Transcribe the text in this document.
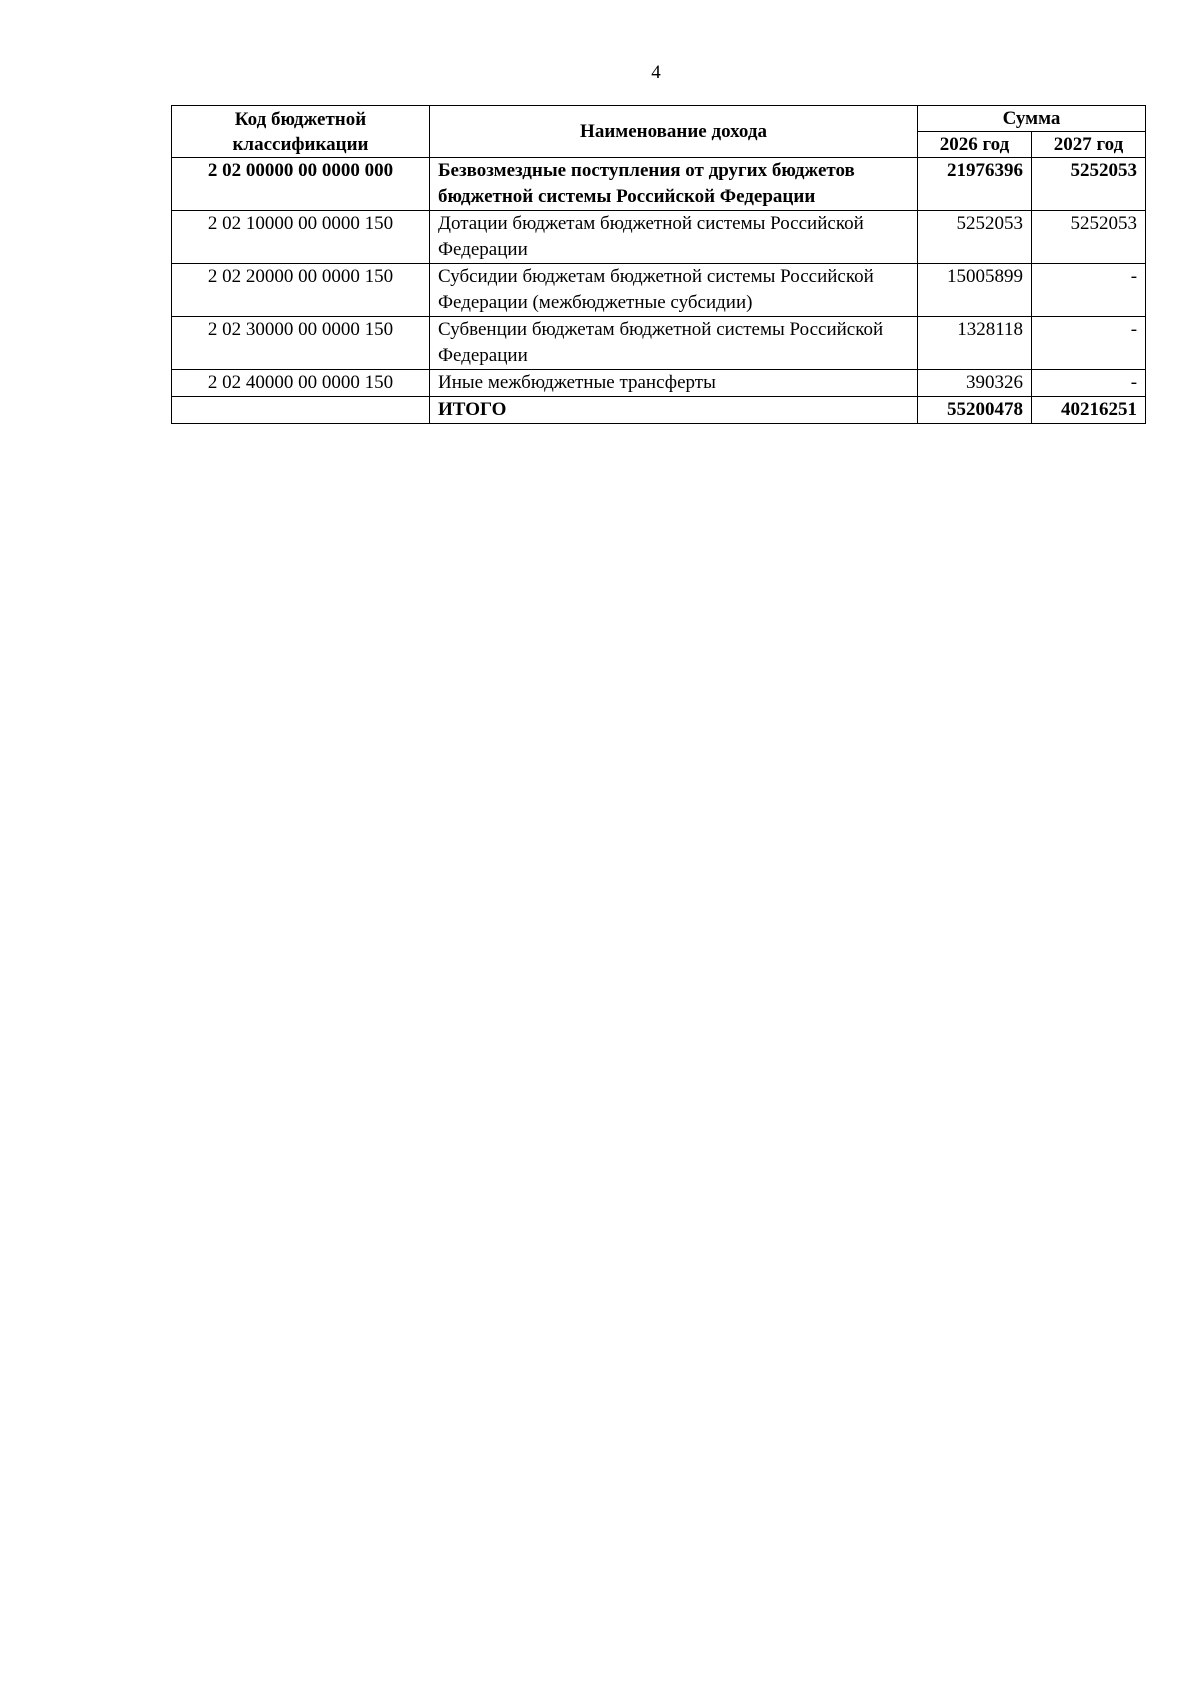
4
Код бюджетной классификации	Наименование дохода	Сумма	
		2026 год	2027 год
2 02 00000 00 0000 000	Безвозмездные поступления от других бюджетов бюджетной системы Российской Федерации	21976396	5252053
2 02 10000 00 0000 150	Дотации бюджетам бюджетной системы Российской Федерации	5252053	5252053
2 02 20000 00 0000 150	Субсидии бюджетам бюджетной системы Российской Федерации (межбюджетные субсидии)	15005899	-
2 02 30000 00 0000 150	Субвенции бюджетам бюджетной системы Российской Федерации	1328118	-
2 02 40000 00 0000 150	Иные межбюджетные трансферты	390326	-
	ИТОГО	55200478	40216251
